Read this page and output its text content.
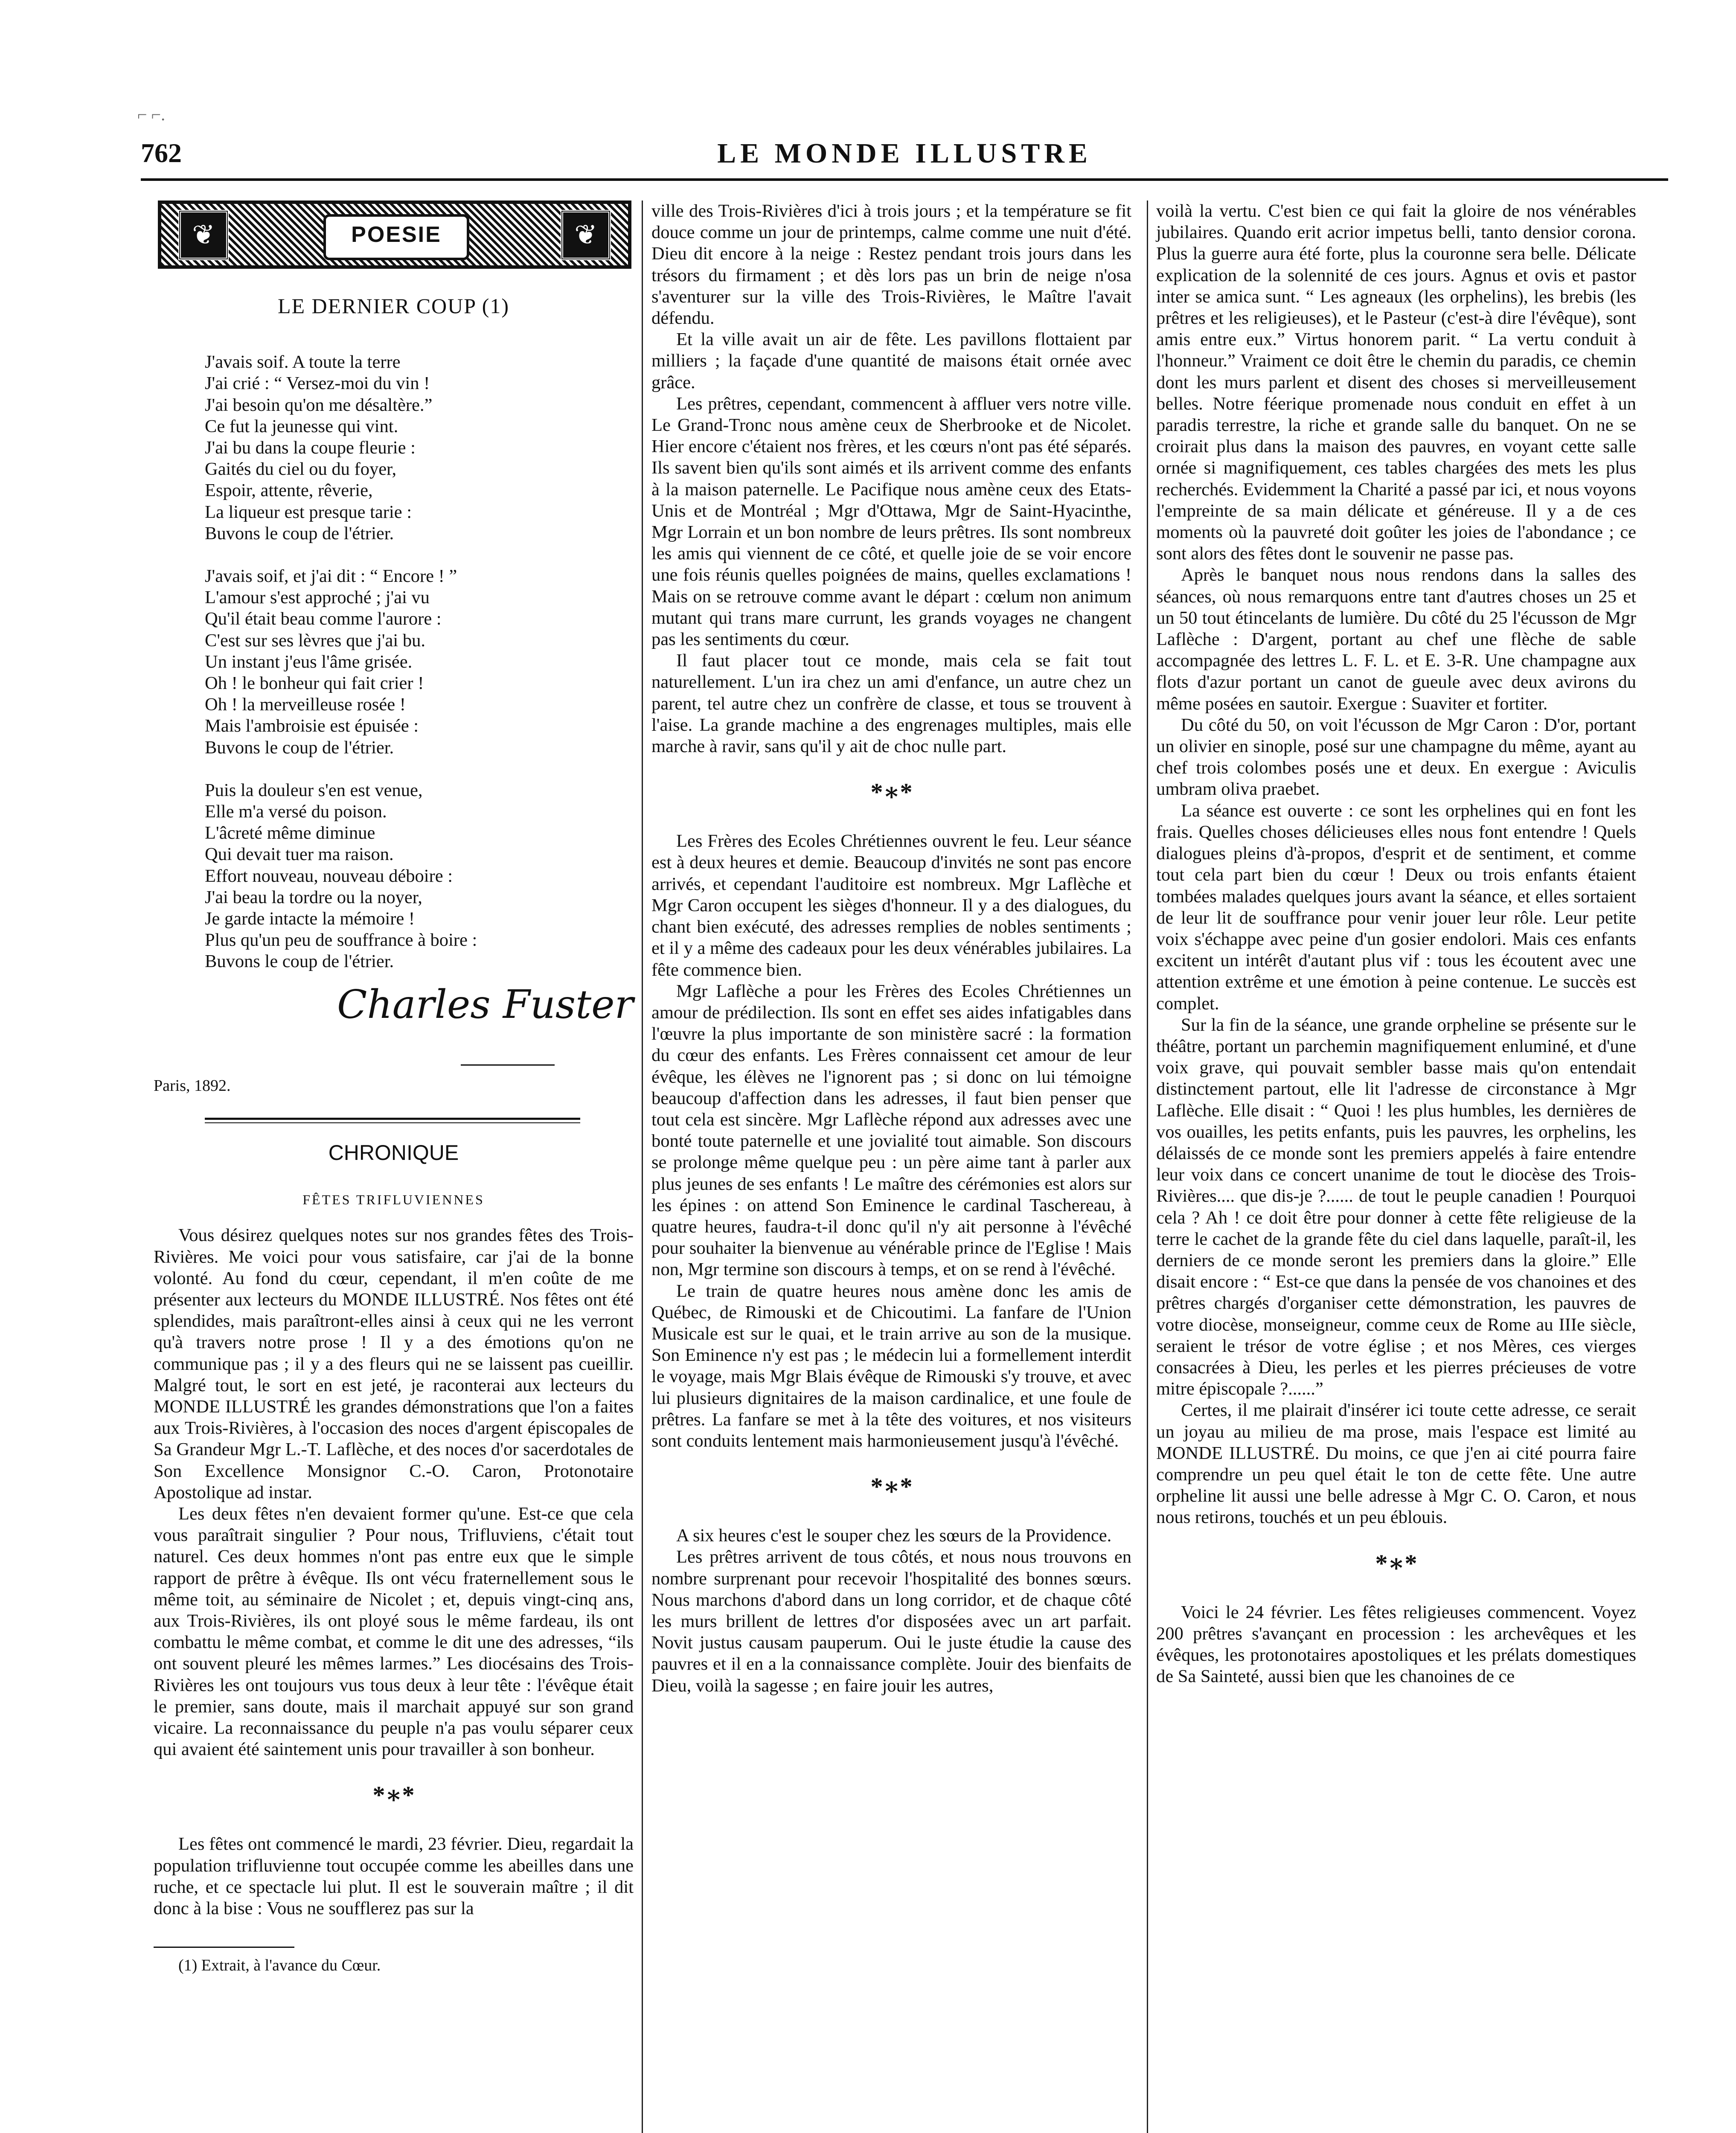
⌐ ⌐.
762	LE MONDE ILLUSTRE
❦	POESIE	❦
LE DERNIER COUP (1)
J'avais soif. A toute la terre
J'ai crié : “ Versez-moi du vin !
J'ai besoin qu'on me désaltère.”
Ce fut la jeunesse qui vint.
J'ai bu dans la coupe fleurie :
Gaités du ciel ou du foyer,
Espoir, attente, rêverie,
La liqueur est presque tarie :
Buvons le coup de l'étrier.
J'avais soif, et j'ai dit : “ Encore ! ”
L'amour s'est approché ; j'ai vu
Qu'il était beau comme l'aurore :
C'est sur ses lèvres que j'ai bu.
Un instant j'eus l'âme grisée.
Oh ! le bonheur qui fait crier !
Oh ! la merveilleuse rosée !
Mais l'ambroisie est épuisée :
Buvons le coup de l'étrier.
Puis la douleur s'en est venue,
Elle m'a versé du poison.
L'âcreté même diminue
Qui devait tuer ma raison.
Effort nouveau, nouveau déboire :
J'ai beau la tordre ou la noyer,
Je garde intacte la mémoire !
Plus qu'un peu de souffrance à boire :
Buvons le coup de l'étrier.
Charles Fuster
Paris, 1892.
CHRONIQUE
FÊTES TRIFLUVIENNES

Vous désirez quelques notes sur nos grandes fêtes des Trois-Rivières. Me voici pour vous satisfaire, car j'ai de la bonne volonté. Au fond du cœur, cependant, il m'en coûte de me présenter aux lecteurs du MONDE ILLUSTRÉ. Nos fêtes ont été splendides, mais paraîtront-elles ainsi à ceux qui ne les verront qu'à travers notre prose ! Il y a des émotions qu'on ne communique pas ; il y a des fleurs qui ne se laissent pas cueillir. Malgré tout, le sort en est jeté, je raconterai aux lecteurs du MONDE ILLUSTRÉ les grandes démonstrations que l'on a faites aux Trois-Rivières, à l'occasion des noces d'argent épiscopales de Sa Grandeur Mgr L.-T. Laflèche, et des noces d'or sacerdotales de Son Excellence Monsignor C.-O. Caron, Protonotaire Apostolique ad instar.

Les deux fêtes n'en devaient former qu'une. Est-ce que cela vous paraîtrait singulier ? Pour nous, Trifluviens, c'était tout naturel. Ces deux hommes n'ont pas entre eux que le simple rapport de prêtre à évêque. Ils ont vécu fraternellement sous le même toit, au séminaire de Nicolet ; et, depuis vingt-cinq ans, aux Trois-Rivières, ils ont ployé sous le même fardeau, ils ont combattu le même combat, et comme le dit une des adresses, “ils ont souvent pleuré les mêmes larmes.” Les diocésains des Trois-Rivières les ont toujours vus tous deux à leur tête : l'évêque était le premier, sans doute, mais il marchait appuyé sur son grand vicaire. La reconnaissance du peuple n'a pas voulu séparer ceux qui avaient été saintement unis pour travailler à son bonheur.

*∗*

Les fêtes ont commencé le mardi, 23 février. Dieu, regardait la population trifluvienne tout occupée comme les abeilles dans une ruche, et ce spectacle lui plut. Il est le souverain maître ; il dit donc à la bise : Vous ne soufflerez pas sur la

(1) Extrait, à l'avance du Cœur.

ville des Trois-Rivières d'ici à trois jours ; et la température se fit douce comme un jour de printemps, calme comme une nuit d'été. Dieu dit encore à la neige : Restez pendant trois jours dans les trésors du firmament ; et dès lors pas un brin de neige n'osa s'aventurer sur la ville des Trois-Rivières, le Maître l'avait défendu.

Et la ville avait un air de fête. Les pavillons flottaient par milliers ; la façade d'une quantité de maisons était ornée avec grâce.

Les prêtres, cependant, commencent à affluer vers notre ville. Le Grand-Tronc nous amène ceux de Sherbrooke et de Nicolet. Hier encore c'étaient nos frères, et les cœurs n'ont pas été séparés. Ils savent bien qu'ils sont aimés et ils arrivent comme des enfants à la maison paternelle. Le Pacifique nous amène ceux des Etats-Unis et de Montréal ; Mgr d'Ottawa, Mgr de Saint-Hyacinthe, Mgr Lorrain et un bon nombre de leurs prêtres. Ils sont nombreux les amis qui viennent de ce côté, et quelle joie de se voir encore une fois réunis quelles poignées de mains, quelles exclamations ! Mais on se retrouve comme avant le départ : cœlum non animum mutant qui trans mare currunt, les grands voyages ne changent pas les sentiments du cœur.

Il faut placer tout ce monde, mais cela se fait tout naturellement. L'un ira chez un ami d'enfance, un autre chez un parent, tel autre chez un confrère de classe, et tous se trouvent à l'aise. La grande machine a des engrenages multiples, mais elle marche à ravir, sans qu'il y ait de choc nulle part.

*∗*

Les Frères des Ecoles Chrétiennes ouvrent le feu. Leur séance est à deux heures et demie. Beaucoup d'invités ne sont pas encore arrivés, et cependant l'auditoire est nombreux. Mgr Laflèche et Mgr Caron occupent les sièges d'honneur. Il y a des dialogues, du chant bien exécuté, des adresses remplies de nobles sentiments ; et il y a même des cadeaux pour les deux vénérables jubilaires. La fête commence bien.

Mgr Laflèche a pour les Frères des Ecoles Chrétiennes un amour de prédilection. Ils sont en effet ses aides infatigables dans l'œuvre la plus importante de son ministère sacré : la formation du cœur des enfants. Les Frères connaissent cet amour de leur évêque, les élèves ne l'ignorent pas ; si donc on lui témoigne beaucoup d'affection dans les adresses, il faut bien penser que tout cela est sincère. Mgr Laflèche répond aux adresses avec une bonté toute paternelle et une jovialité tout aimable. Son discours se prolonge même quelque peu : un père aime tant à parler aux plus jeunes de ses enfants ! Le maître des cérémonies est alors sur les épines : on attend Son Eminence le cardinal Taschereau, à quatre heures, faudra-t-il donc qu'il n'y ait personne à l'évêché pour souhaiter la bienvenue au vénérable prince de l'Eglise ! Mais non, Mgr termine son discours à temps, et on se rend à l'évêché.

Le train de quatre heures nous amène donc les amis de Québec, de Rimouski et de Chicoutimi. La fanfare de l'Union Musicale est sur le quai, et le train arrive au son de la musique. Son Eminence n'y est pas ; le médecin lui a formellement interdit le voyage, mais Mgr Blais évêque de Rimouski s'y trouve, et avec lui plusieurs dignitaires de la maison cardinalice, et une foule de prêtres. La fanfare se met à la tête des voitures, et nos visiteurs sont conduits lentement mais harmonieusement jusqu'à l'évêché.

*∗*

A six heures c'est le souper chez les sœurs de la Providence.

Les prêtres arrivent de tous côtés, et nous nous trouvons en nombre surprenant pour recevoir l'hospitalité des bonnes sœurs. Nous marchons d'abord dans un long corridor, et de chaque côté les murs brillent de lettres d'or disposées avec un art parfait. Novit justus causam pauperum. Oui le juste étudie la cause des pauvres et il en a la connaissance complète. Jouir des bienfaits de Dieu, voilà la sagesse ; en faire jouir les autres,

voilà la vertu. C'est bien ce qui fait la gloire de nos vénérables jubilaires. Quando erit acrior impetus belli, tanto densior corona. Plus la guerre aura été forte, plus la couronne sera belle. Délicate explication de la solennité de ces jours. Agnus et ovis et pastor inter se amica sunt. “ Les agneaux (les orphelins), les brebis (les prêtres et les religieuses), et le Pasteur (c'est-à dire l'évêque), sont amis entre eux.” Virtus honorem parit. “ La vertu conduit à l'honneur.” Vraiment ce doit être le chemin du paradis, ce chemin dont les murs parlent et disent des choses si merveilleusement belles. Notre féerique promenade nous conduit en effet à un paradis terrestre, la riche et grande salle du banquet. On ne se croirait plus dans la maison des pauvres, en voyant cette salle ornée si magnifiquement, ces tables chargées des mets les plus recherchés. Evidemment la Charité a passé par ici, et nous voyons l'empreinte de sa main délicate et généreuse. Il y a de ces moments où la pauvreté doit goûter les joies de l'abondance ; ce sont alors des fêtes dont le souvenir ne passe pas.

Après le banquet nous nous rendons dans la salles des séances, où nous remarquons entre tant d'autres choses un 25 et un 50 tout étincelants de lumière. Du côté du 25 l'écusson de Mgr Laflèche : D'argent, portant au chef une flèche de sable accompagnée des lettres L. F. L. et E. 3-R. Une champagne aux flots d'azur portant un canot de gueule avec deux avirons du même posées en sautoir. Exergue : Suaviter et fortiter.

Du côté du 50, on voit l'écusson de Mgr Caron : D'or, portant un olivier en sinople, posé sur une champagne du même, ayant au chef trois colombes posés une et deux. En exergue : Aviculis umbram oliva praebet.

La séance est ouverte : ce sont les orphelines qui en font les frais. Quelles choses délicieuses elles nous font entendre ! Quels dialogues pleins d'à-propos, d'esprit et de sentiment, et comme tout cela part bien du cœur ! Deux ou trois enfants étaient tombées malades quelques jours avant la séance, et elles sortaient de leur lit de souffrance pour venir jouer leur rôle. Leur petite voix s'échappe avec peine d'un gosier endolori. Mais ces enfants excitent un intérêt d'autant plus vif : tous les écoutent avec une attention extrême et une émotion à peine contenue. Le succès est complet.

Sur la fin de la séance, une grande orpheline se présente sur le théâtre, portant un parchemin magnifiquement enluminé, et d'une voix grave, qui pouvait sembler basse mais qu'on entendait distinctement partout, elle lit l'adresse de circonstance à Mgr Laflèche. Elle disait : “ Quoi ! les plus humbles, les dernières de vos ouailles, les petits enfants, puis les pauvres, les orphelins, les délaissés de ce monde sont les premiers appelés à faire entendre leur voix dans ce concert unanime de tout le diocèse des Trois-Rivières.... que dis-je ?...... de tout le peuple canadien ! Pourquoi cela ? Ah ! ce doit être pour donner à cette fête religieuse de la terre le cachet de la grande fête du ciel dans laquelle, paraît-il, les derniers de ce monde seront les premiers dans la gloire.” Elle disait encore : “ Est-ce que dans la pensée de vos chanoines et des prêtres chargés d'organiser cette démonstration, les pauvres de votre diocèse, monseigneur, comme ceux de Rome au IIIe siècle, seraient le trésor de votre église ; et nos Mères, ces vierges consacrées à Dieu, les perles et les pierres précieuses de votre mitre épiscopale ?......”

Certes, il me plairait d'insérer ici toute cette adresse, ce serait un joyau au milieu de ma prose, mais l'espace est limité au MONDE ILLUSTRÉ. Du moins, ce que j'en ai cité pourra faire comprendre un peu quel était le ton de cette fête. Une autre orpheline lit aussi une belle adresse à Mgr C. O. Caron, et nous nous retirons, touchés et un peu éblouis.

*∗*

Voici le 24 février. Les fêtes religieuses commencent. Voyez 200 prêtres s'avançant en procession : les archevêques et les évêques, les protonotaires apostoliques et les prélats domestiques de Sa Sainteté, aussi bien que les chanoines de ce
